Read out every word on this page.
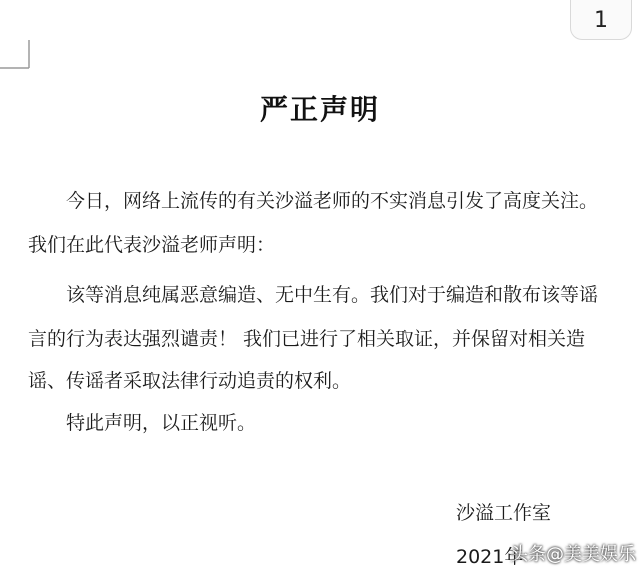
1
严正声明
今日，网络上流传的有关沙溢老师的不实消息引发了高度关注。
我们在此代表沙溢老师声明：
该等消息纯属恶意编造、无中生有。我们对于编造和散布该等谣
言的行为表达强烈谴责！ 我们已进行了相关取证，并保留对相关造
谣、传谣者采取法律行动追责的权利。
特此声明，以正视听。
沙溢工作室
2021年
头条@美美娱乐
